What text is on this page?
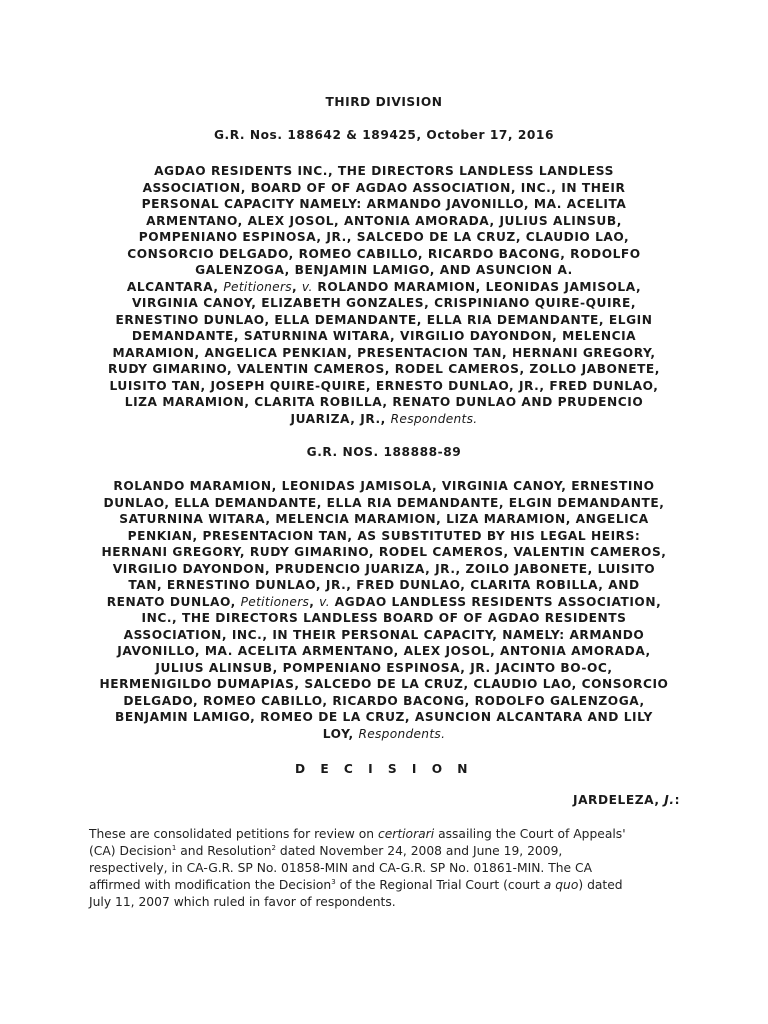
THIRD DIVISION
G.R. Nos. 188642 & 189425, October 17, 2016
AGDAO RESIDENTS INC., THE DIRECTORS LANDLESS LANDLESS
ASSOCIATION, BOARD OF OF AGDAO ASSOCIATION, INC., IN THEIR
PERSONAL CAPACITY NAMELY: ARMANDO JAVONILLO, MA. ACELITA
ARMENTANO, ALEX JOSOL, ANTONIA AMORADA, JULIUS ALINSUB,
POMPENIANO ESPINOSA, JR., SALCEDO DE LA CRUZ, CLAUDIO LAO,
CONSORCIO DELGADO, ROMEO CABILLO, RICARDO BACONG, RODOLFO
GALENZOGA, BENJAMIN LAMIGO, AND ASUNCION A.
ALCANTARA, Petitioners, v. ROLANDO MARAMION, LEONIDAS JAMISOLA,
VIRGINIA CANOY, ELIZABETH GONZALES, CRISPINIANO QUIRE-QUIRE,
ERNESTINO DUNLAO, ELLA DEMANDANTE, ELLA RIA DEMANDANTE, ELGIN
DEMANDANTE, SATURNINA WITARA, VIRGILIO DAYONDON, MELENCIA
MARAMION, ANGELICA PENKIAN, PRESENTACION TAN, HERNANI GREGORY,
RUDY GIMARINO, VALENTIN CAMEROS, RODEL CAMEROS, ZOLLO JABONETE,
LUISITO TAN, JOSEPH QUIRE-QUIRE, ERNESTO DUNLAO, JR., FRED DUNLAO,
LIZA MARAMION, CLARITA ROBILLA, RENATO DUNLAO AND PRUDENCIO
JUARIZA, JR., Respondents.
G.R. NOS. 188888-89
ROLANDO MARAMION, LEONIDAS JAMISOLA, VIRGINIA CANOY, ERNESTINO
DUNLAO, ELLA DEMANDANTE, ELLA RIA DEMANDANTE, ELGIN DEMANDANTE,
SATURNINA WITARA, MELENCIA MARAMION, LIZA MARAMION, ANGELICA
PENKIAN, PRESENTACION TAN, AS SUBSTITUTED BY HIS LEGAL HEIRS:
HERNANI GREGORY, RUDY GIMARINO, RODEL CAMEROS, VALENTIN CAMEROS,
VIRGILIO DAYONDON, PRUDENCIO JUARIZA, JR., ZOILO JABONETE, LUISITO
TAN, ERNESTINO DUNLAO, JR., FRED DUNLAO, CLARITA ROBILLA, AND
RENATO DUNLAO, Petitioners, v. AGDAO LANDLESS RESIDENTS ASSOCIATION,
INC., THE DIRECTORS LANDLESS BOARD OF OF AGDAO RESIDENTS
ASSOCIATION, INC., IN THEIR PERSONAL CAPACITY, NAMELY: ARMANDO
JAVONILLO, MA. ACELITA ARMENTANO, ALEX JOSOL, ANTONIA AMORADA,
JULIUS ALINSUB, POMPENIANO ESPINOSA, JR. JACINTO BO-OC,
HERMENIGILDO DUMAPIAS, SALCEDO DE LA CRUZ, CLAUDIO LAO, CONSORCIO
DELGADO, ROMEO CABILLO, RICARDO BACONG, RODOLFO GALENZOGA,
BENJAMIN LAMIGO, ROMEO DE LA CRUZ, ASUNCION ALCANTARA AND LILY
LOY, Respondents.
D E C I S I O N
JARDELEZA, J.:
These are consolidated petitions for review on certiorari assailing the Court of Appeals'
(CA) Decision$^1$ and Resolution$^2$ dated November 24, 2008 and June 19, 2009,
respectively, in CA-G.R. SP No. 01858-MIN and CA-G.R. SP No. 01861-MIN. The CA
affirmed with modification the Decision$^3$ of the Regional Trial Court (court a quo) dated
July 11, 2007 which ruled in favor of respondents.
